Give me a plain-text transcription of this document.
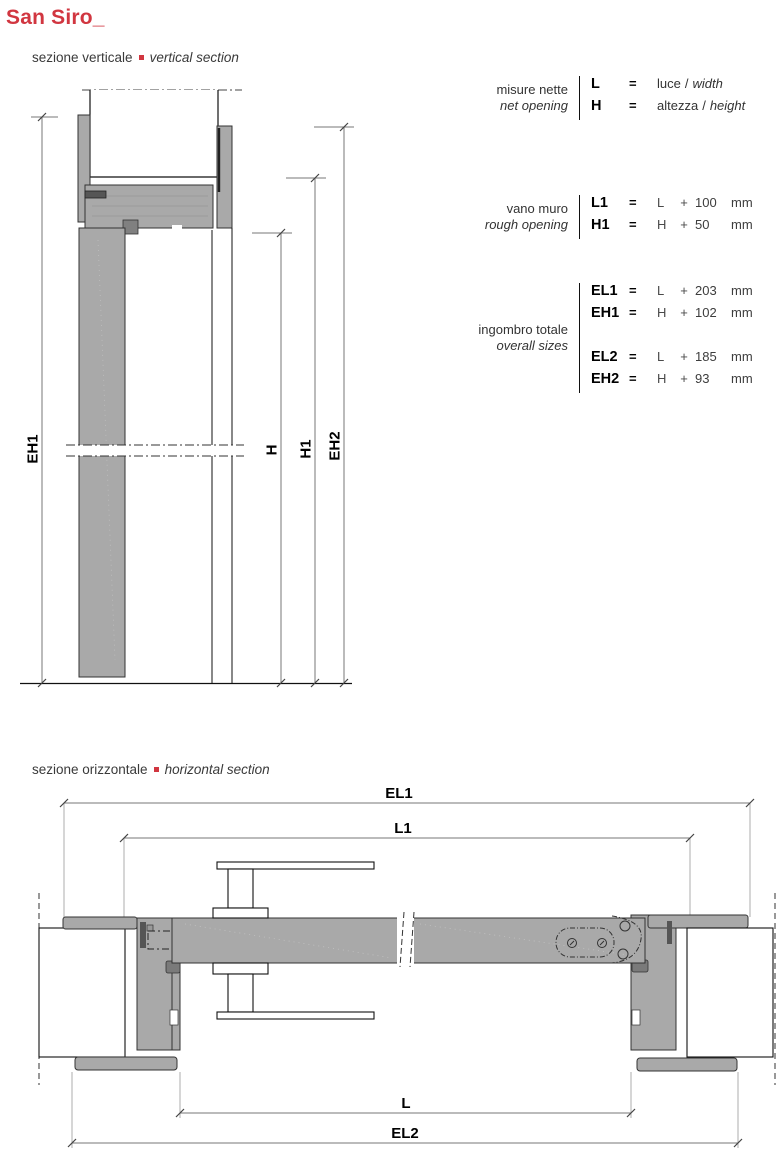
San Siro_
sezione verticale vertical section
misure nette
net opening
L	=	luce / width
H	=	altezza / height
vano muro
rough opening
L1	=	L	+ 100	mm
H1	=	H	+ 50	mm
ingombro totale
overall sizes
EL1 =	L	+ 203	mm
EH1 =	H	+ 102	mm
EL2 =	L	+ 185	mm
EH2 =	H	+ 93	mm
EH1	H H1 EH2
sezione orizzontale horizontal section
EL1
L1
L
EL2
